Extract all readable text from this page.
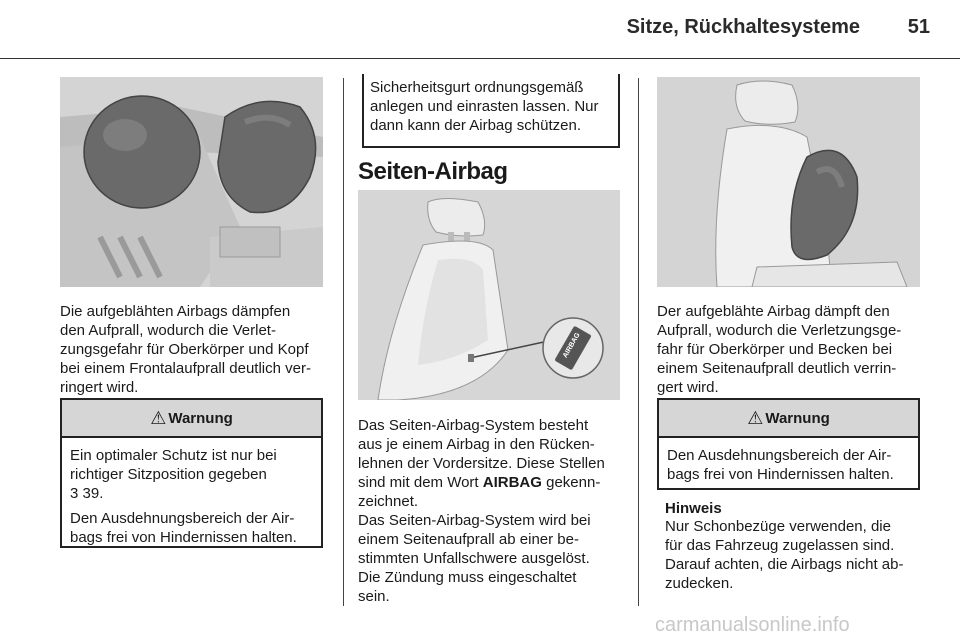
Sitze, Rückhaltesysteme	51

Die aufgeblähten Airbags dämpfen
den Aufprall, wodurch die Verlet-
zungsgefahr für Oberkörper und Kopf
bei einem Frontalaufprall deutlich ver-
ringert wird.

⚠ Warnung

Ein optimaler Schutz ist nur bei
richtiger Sitzposition gegeben
3 39.

Den Ausdehnungsbereich der Air-
bags frei von Hindernissen halten.

Sicherheitsgurt ordnungsgemäß
anlegen und einrasten lassen. Nur
dann kann der Airbag schützen.
Seiten-Airbag
AIRBAG

Das Seiten-Airbag-System besteht
aus je einem Airbag in den Rücken-
lehnen der Vordersitze. Diese Stellen
sind mit dem Wort AIRBAG gekenn-
zeichnet.

Das Seiten-Airbag-System wird bei
einem Seitenaufprall ab einer be-
stimmten Unfallschwere ausgelöst.
Die Zündung muss eingeschaltet
sein.

Der aufgeblähte Airbag dämpft den
Aufprall, wodurch die Verletzungsge-
fahr für Oberkörper und Becken bei
einem Seitenaufprall deutlich verrin-
gert wird.

⚠ Warnung

Den Ausdehnungsbereich der Air-
bags frei von Hindernissen halten.

Hinweis

Nur Schonbezüge verwenden, die
für das Fahrzeug zugelassen sind.
Darauf achten, die Airbags nicht ab-
zudecken.

carmanualsonline.info
